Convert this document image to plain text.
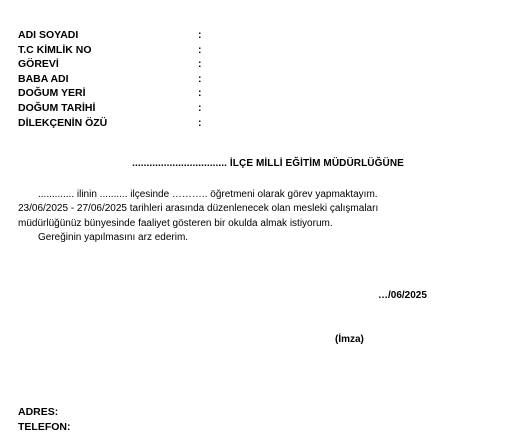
ADI SOYADI	:
T.C KİMLİK NO	:
GÖREVİ	:
BABA ADI	:
DOĞUM YERİ	:
DOĞUM TARİHİ	:
DİLEKÇENİN ÖZÜ	:
................................. İLÇE MİLLİ EĞİTİM MÜDÜRLÜĞÜNE
............. ilinin .......... ilçesinde ……….. öğretmeni olarak görev yapmaktayım.
23/06/2025 - 27/06/2025 tarihleri arasında düzenlenecek olan mesleki çalışmaları
müdürlüğünüz bünyesinde faaliyet gösteren bir okulda almak istiyorum.
Gereğinin yapılmasını arz ederim.
…/06/2025
(İmza)
ADRES:
TELEFON:
